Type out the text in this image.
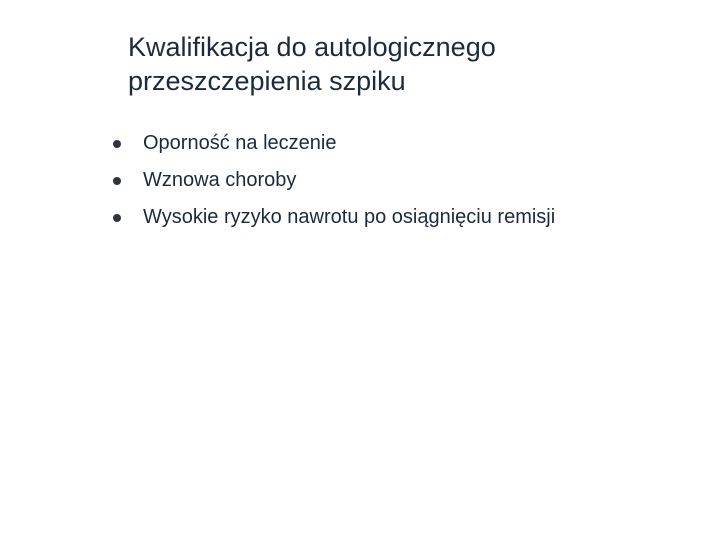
Kwalifikacja do autologicznego
przeszczepienia szpiku
Oporność na leczenie
Wznowa choroby
Wysokie ryzyko nawrotu po osiągnięciu remisji
